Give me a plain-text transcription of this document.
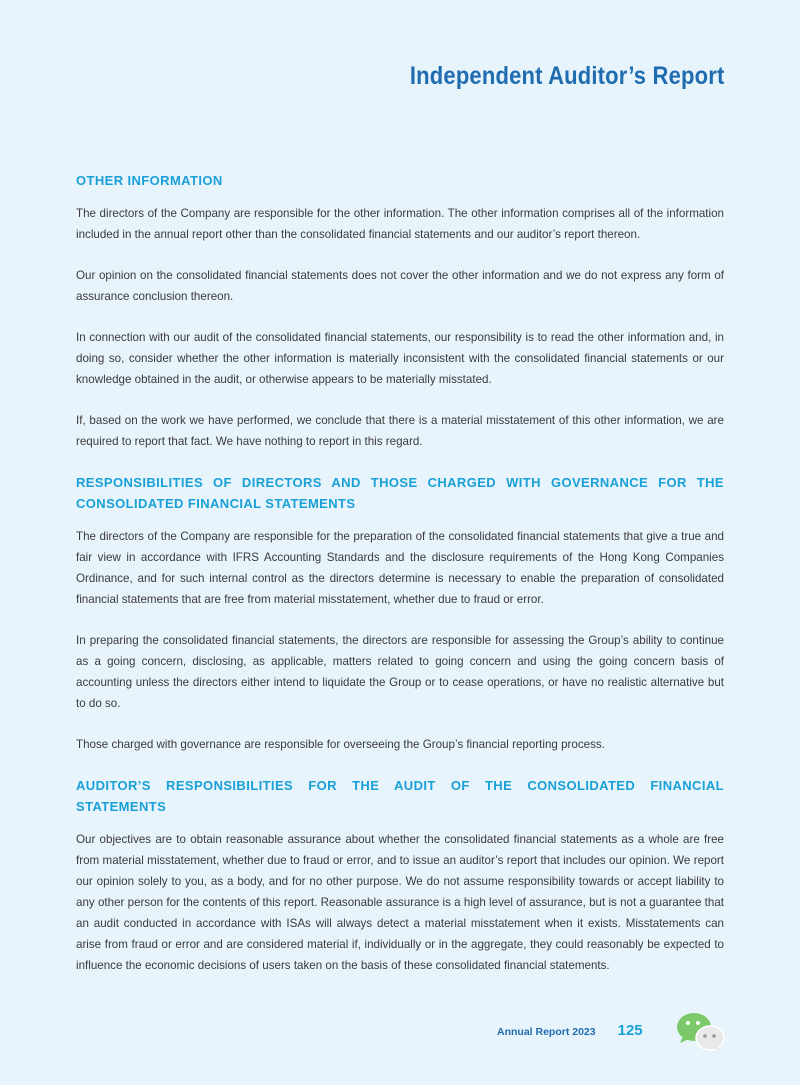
Independent Auditor’s Report
OTHER INFORMATION

The directors of the Company are responsible for the other information. The other information comprises all of the information included in the annual report other than the consolidated financial statements and our auditor’s report thereon.

Our opinion on the consolidated financial statements does not cover the other information and we do not express any form of assurance conclusion thereon.

In connection with our audit of the consolidated financial statements, our responsibility is to read the other information and, in doing so, consider whether the other information is materially inconsistent with the consolidated financial statements or our knowledge obtained in the audit, or otherwise appears to be materially misstated.

If, based on the work we have performed, we conclude that there is a material misstatement of this other information, we are required to report that fact. We have nothing to report in this regard.

RESPONSIBILITIES OF DIRECTORS AND THOSE CHARGED WITH GOVERNANCE FOR THE CONSOLIDATED FINANCIAL STATEMENTS

The directors of the Company are responsible for the preparation of the consolidated financial statements that give a true and fair view in accordance with IFRS Accounting Standards and the disclosure requirements of the Hong Kong Companies Ordinance, and for such internal control as the directors determine is necessary to enable the preparation of consolidated financial statements that are free from material misstatement, whether due to fraud or error.

In preparing the consolidated financial statements, the directors are responsible for assessing the Group’s ability to continue as a going concern, disclosing, as applicable, matters related to going concern and using the going concern basis of accounting unless the directors either intend to liquidate the Group or to cease operations, or have no realistic alternative but to do so.

Those charged with governance are responsible for overseeing the Group’s financial reporting process.

AUDITOR’S RESPONSIBILITIES FOR THE AUDIT OF THE CONSOLIDATED FINANCIAL STATEMENTS

Our objectives are to obtain reasonable assurance about whether the consolidated financial statements as a whole are free from material misstatement, whether due to fraud or error, and to issue an auditor’s report that includes our opinion. We report our opinion solely to you, as a body, and for no other purpose. We do not assume responsibility towards or accept liability to any other person for the contents of this report. Reasonable assurance is a high level of assurance, but is not a guarantee that an audit conducted in accordance with ISAs will always detect a material misstatement when it exists. Misstatements can arise from fraud or error and are considered material if, individually or in the aggregate, they could reasonably be expected to influence the economic decisions of users taken on the basis of these consolidated financial statements.

Annual Report 2023 125
